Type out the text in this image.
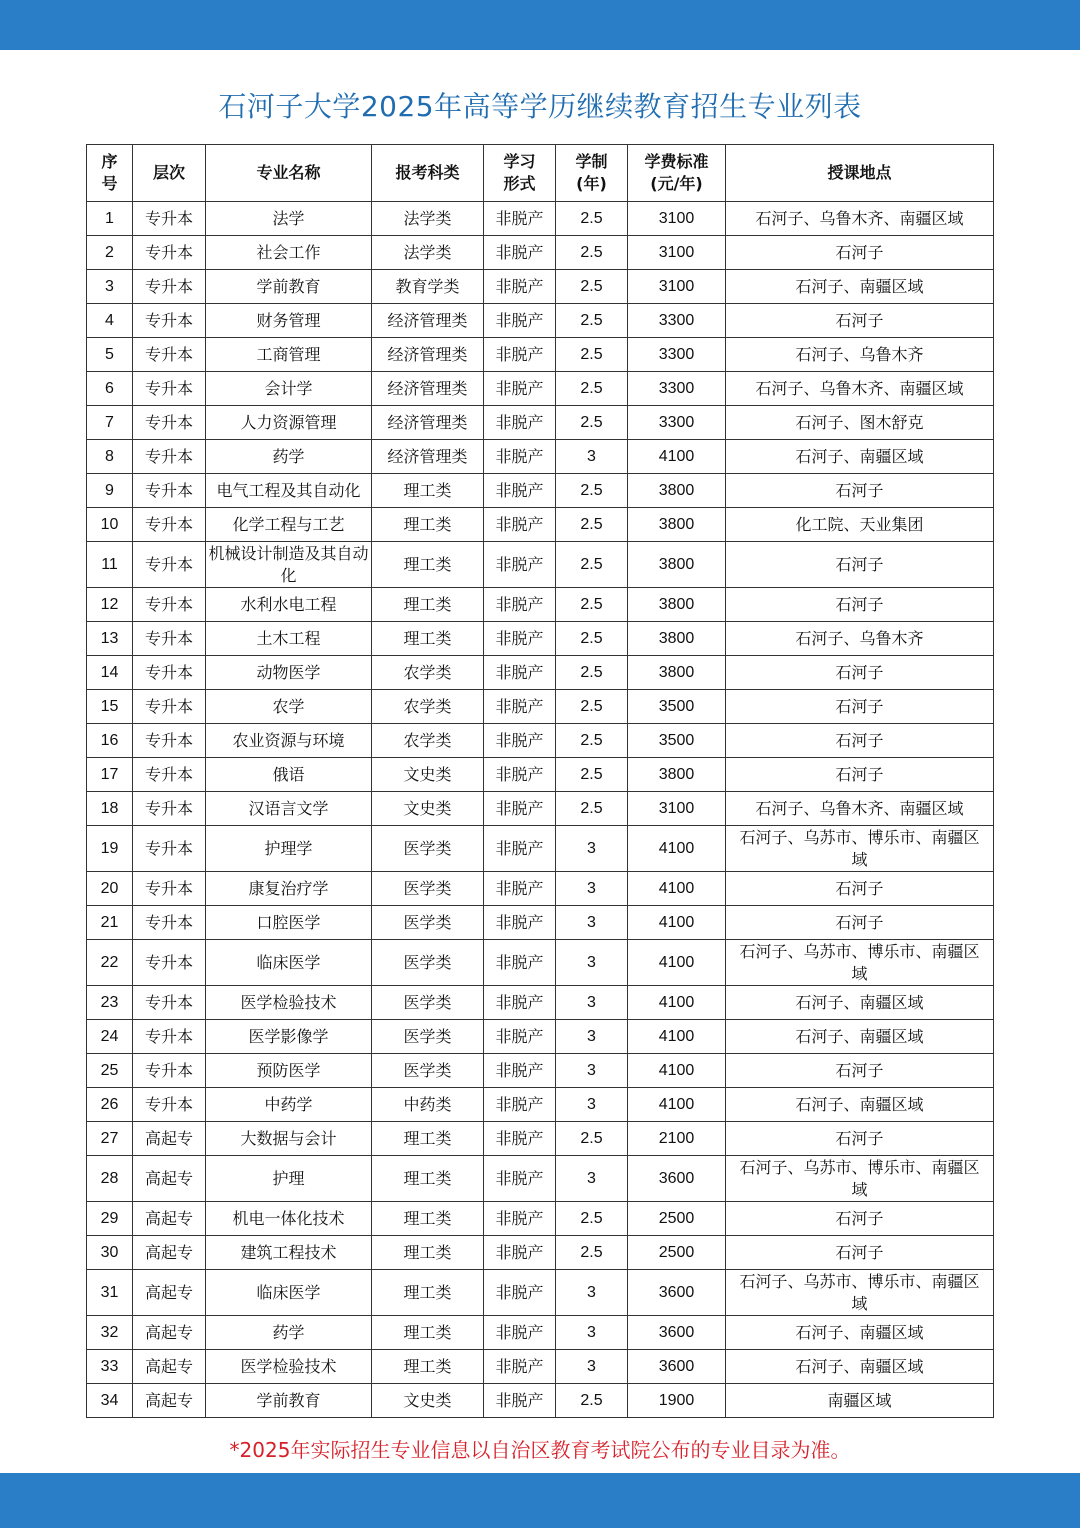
石河子大学2025年高等学历继续教育招生专业列表
序号	层次	专业名称	报考科类	学习形式	学制(年)	学费标准(元/年)	授课地点
1	专升本	法学	法学类	非脱产	2.5	3100	石河子、乌鲁木齐、南疆区域
2	专升本	社会工作	法学类	非脱产	2.5	3100	石河子
3	专升本	学前教育	教育学类	非脱产	2.5	3100	石河子、南疆区域
4	专升本	财务管理	经济管理类	非脱产	2.5	3300	石河子
5	专升本	工商管理	经济管理类	非脱产	2.5	3300	石河子、乌鲁木齐
6	专升本	会计学	经济管理类	非脱产	2.5	3300	石河子、乌鲁木齐、南疆区域
7	专升本	人力资源管理	经济管理类	非脱产	2.5	3300	石河子、图木舒克
8	专升本	药学	经济管理类	非脱产	3	4100	石河子、南疆区域
9	专升本	电气工程及其自动化	理工类	非脱产	2.5	3800	石河子
10	专升本	化学工程与工艺	理工类	非脱产	2.5	3800	化工院、天业集团
11	专升本	机械设计制造及其自动化	理工类	非脱产	2.5	3800	石河子
12	专升本	水利水电工程	理工类	非脱产	2.5	3800	石河子
13	专升本	土木工程	理工类	非脱产	2.5	3800	石河子、乌鲁木齐
14	专升本	动物医学	农学类	非脱产	2.5	3800	石河子
15	专升本	农学	农学类	非脱产	2.5	3500	石河子
16	专升本	农业资源与环境	农学类	非脱产	2.5	3500	石河子
17	专升本	俄语	文史类	非脱产	2.5	3800	石河子
18	专升本	汉语言文学	文史类	非脱产	2.5	3100	石河子、乌鲁木齐、南疆区域
19	专升本	护理学	医学类	非脱产	3	4100	石河子、乌苏市、博乐市、南疆区域
20	专升本	康复治疗学	医学类	非脱产	3	4100	石河子
21	专升本	口腔医学	医学类	非脱产	3	4100	石河子
22	专升本	临床医学	医学类	非脱产	3	4100	石河子、乌苏市、博乐市、南疆区域
23	专升本	医学检验技术	医学类	非脱产	3	4100	石河子、南疆区域
24	专升本	医学影像学	医学类	非脱产	3	4100	石河子、南疆区域
25	专升本	预防医学	医学类	非脱产	3	4100	石河子
26	专升本	中药学	中药类	非脱产	3	4100	石河子、南疆区域
27	高起专	大数据与会计	理工类	非脱产	2.5	2100	石河子
28	高起专	护理	理工类	非脱产	3	3600	石河子、乌苏市、博乐市、南疆区域
29	高起专	机电一体化技术	理工类	非脱产	2.5	2500	石河子
30	高起专	建筑工程技术	理工类	非脱产	2.5	2500	石河子
31	高起专	临床医学	理工类	非脱产	3	3600	石河子、乌苏市、博乐市、南疆区域
32	高起专	药学	理工类	非脱产	3	3600	石河子、南疆区域
33	高起专	医学检验技术	理工类	非脱产	3	3600	石河子、南疆区域
34	高起专	学前教育	文史类	非脱产	2.5	1900	南疆区域
*2025年实际招生专业信息以自治区教育考试院公布的专业目录为准。
